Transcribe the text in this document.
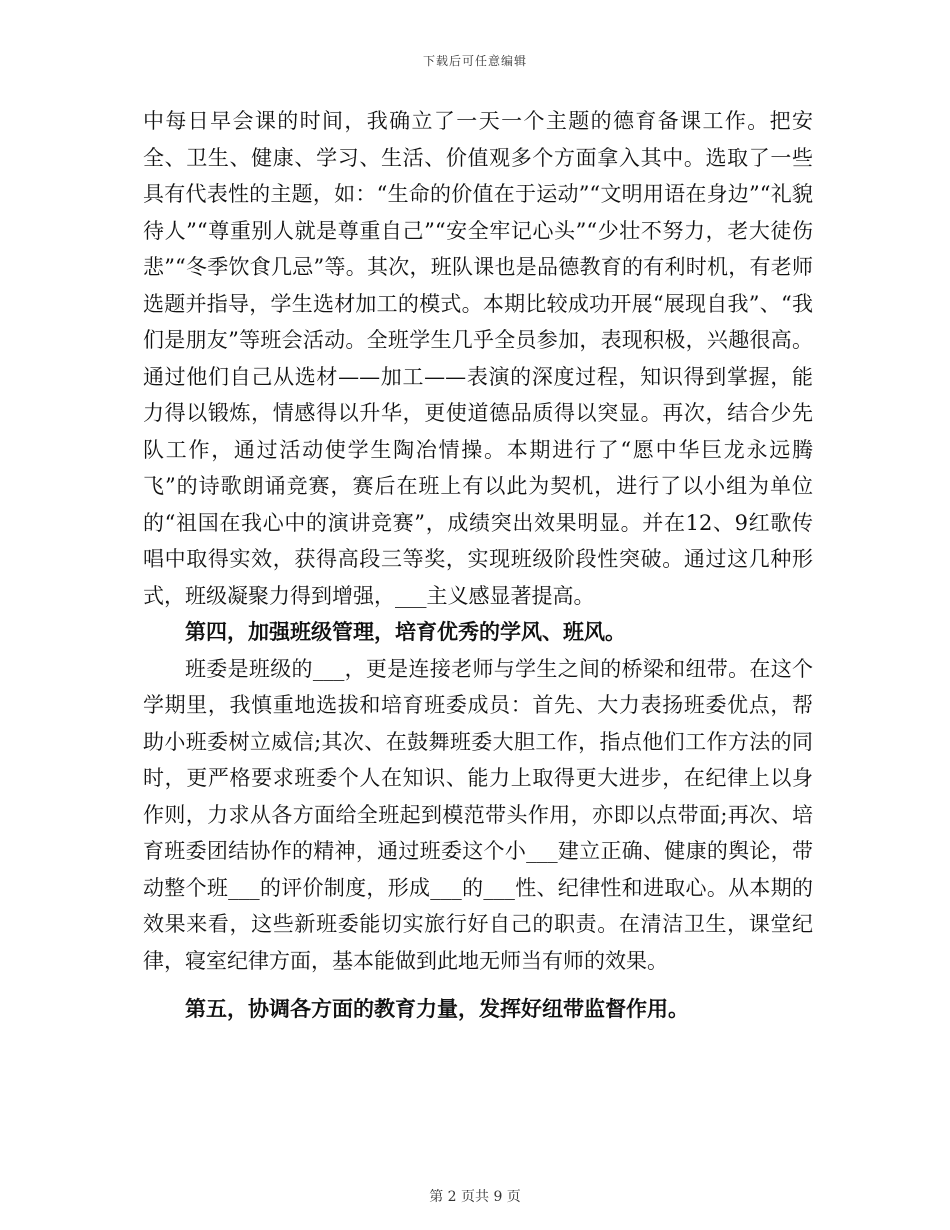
下载后可任意编辑

中每日早会课的时间，我确立了一天一个主题的德育备课工作。把安全、卫生、健康、学习、生活、价值观多个方面拿入其中。选取了一些具有代表性的主题，如：“生命的价值在于运动”“文明用语在身边”“礼貌待人”“尊重别人就是尊重自己”“安全牢记心头”“少壮不努力，老大徒伤悲”“冬季饮食几忌”等。其次，班队课也是品德教育的有利时机，有老师选题并指导，学生选材加工的模式。本期比较成功开展“展现自我”、“我们是朋友”等班会活动。全班学生几乎全员参加，表现积极，兴趣很高。通过他们自己从选材——加工——表演的深度过程，知识得到掌握，能力得以锻炼，情感得以升华，更使道德品质得以突显。再次，结合少先队工作，通过活动使学生陶冶情操。本期进行了“愿中华巨龙永远腾飞”的诗歌朗诵竞赛，赛后在班上有以此为契机，进行了以小组为单位的“祖国在我心中的演讲竞赛”，成绩突出效果明显。并在12、9红歌传唱中取得实效，获得高段三等奖，实现班级阶段性突破。通过这几种形式，班级凝聚力得到增强，___主义感显著提高。

第四，加强班级管理，培育优秀的学风、班风。

班委是班级的___，更是连接老师与学生之间的桥梁和纽带。在这个学期里，我慎重地选拔和培育班委成员：首先、大力表扬班委优点，帮助小班委树立威信;其次、在鼓舞班委大胆工作，指点他们工作方法的同时，更严格要求班委个人在知识、能力上取得更大进步，在纪律上以身作则，力求从各方面给全班起到模范带头作用，亦即以点带面;再次、培育班委团结协作的精神，通过班委这个小___建立正确、健康的舆论，带动整个班___的评价制度，形成___的___性、纪律性和进取心。从本期的效果来看，这些新班委能切实旅行好自己的职责。在清洁卫生，课堂纪律，寝室纪律方面，基本能做到此地无师当有师的效果。

第五，协调各方面的教育力量，发挥好纽带监督作用。

第 2 页共 9 页
